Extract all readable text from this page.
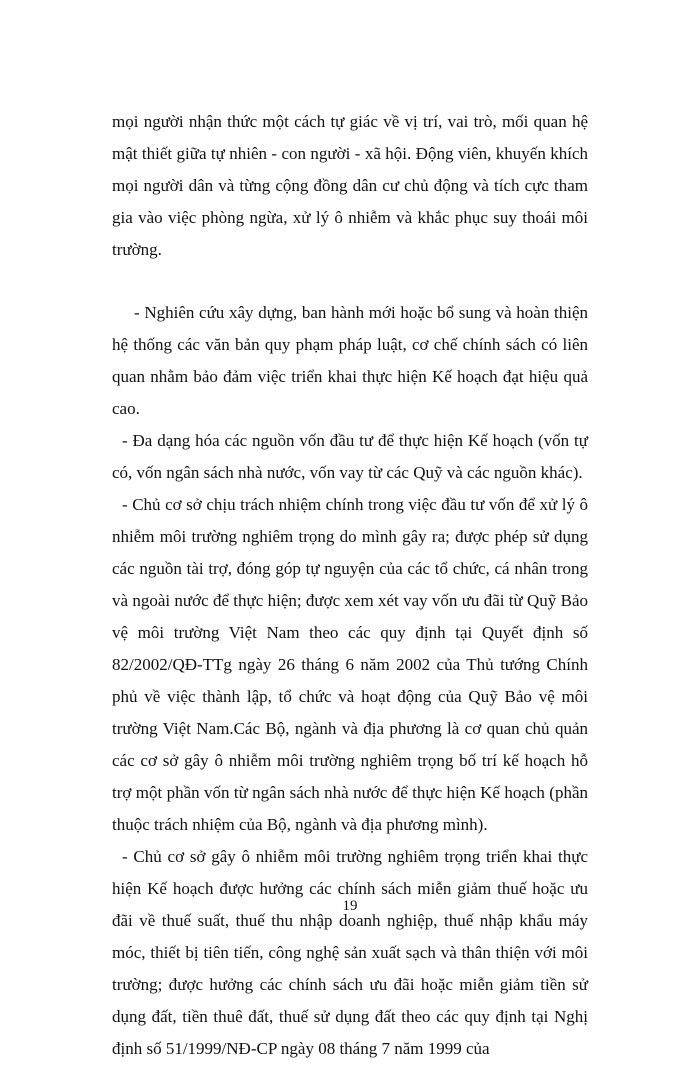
mọi người nhận thức một cách tự giác về vị trí, vai trò, mối quan hệ mật thiết giữa tự nhiên - con người - xã hội. Động viên, khuyến khích mọi người dân và từng cộng đồng dân cư chủ động và tích cực tham gia vào việc phòng ngừa, xử lý ô nhiễm và khắc phục suy thoái môi trường.

- Nghiên cứu xây dựng, ban hành mới hoặc bổ sung và hoàn thiện hệ thống các văn bản quy phạm pháp luật, cơ chế chính sách có liên quan nhằm bảo đảm việc triển khai thực hiện Kế hoạch đạt hiệu quả cao.

- Đa dạng hóa các nguồn vốn đầu tư để thực hiện Kế hoạch (vốn tự có, vốn ngân sách nhà nước, vốn vay từ các Quỹ và các nguồn khác).

- Chủ cơ sở chịu trách nhiệm chính trong việc đầu tư vốn để xử lý ô nhiễm môi trường nghiêm trọng do mình gây ra; được phép sử dụng các nguồn tài trợ, đóng góp tự nguyện của các tổ chức, cá nhân trong và ngoài nước để thực hiện; được xem xét vay vốn ưu đãi từ Quỹ Bảo vệ môi trường Việt Nam theo các quy định tại Quyết định số 82/2002/QĐ-TTg ngày 26 tháng 6 năm 2002 của Thủ tướng Chính phủ về việc thành lập, tổ chức và hoạt động của Quỹ Bảo vệ môi trường Việt Nam.Các Bộ, ngành và địa phương là cơ quan chủ quản các cơ sở gây ô nhiễm môi trường nghiêm trọng bố trí kế hoạch hỗ trợ một phần vốn từ ngân sách nhà nước để thực hiện Kế hoạch (phần thuộc trách nhiệm của Bộ, ngành và địa phương mình).

- Chủ cơ sở gây ô nhiễm môi trường nghiêm trọng triển khai thực hiện Kế hoạch được hưởng các chính sách miễn giảm thuế hoặc ưu đãi về thuế suất, thuế thu nhập doanh nghiệp, thuế nhập khẩu máy móc, thiết bị tiên tiến, công nghệ sản xuất sạch và thân thiện với môi trường; được hưởng các chính sách ưu đãi hoặc miễn giảm tiền sử dụng đất, tiền thuê đất, thuế sử dụng đất theo các quy định tại Nghị định số 51/1999/NĐ-CP ngày 08 tháng 7 năm 1999 của

19
